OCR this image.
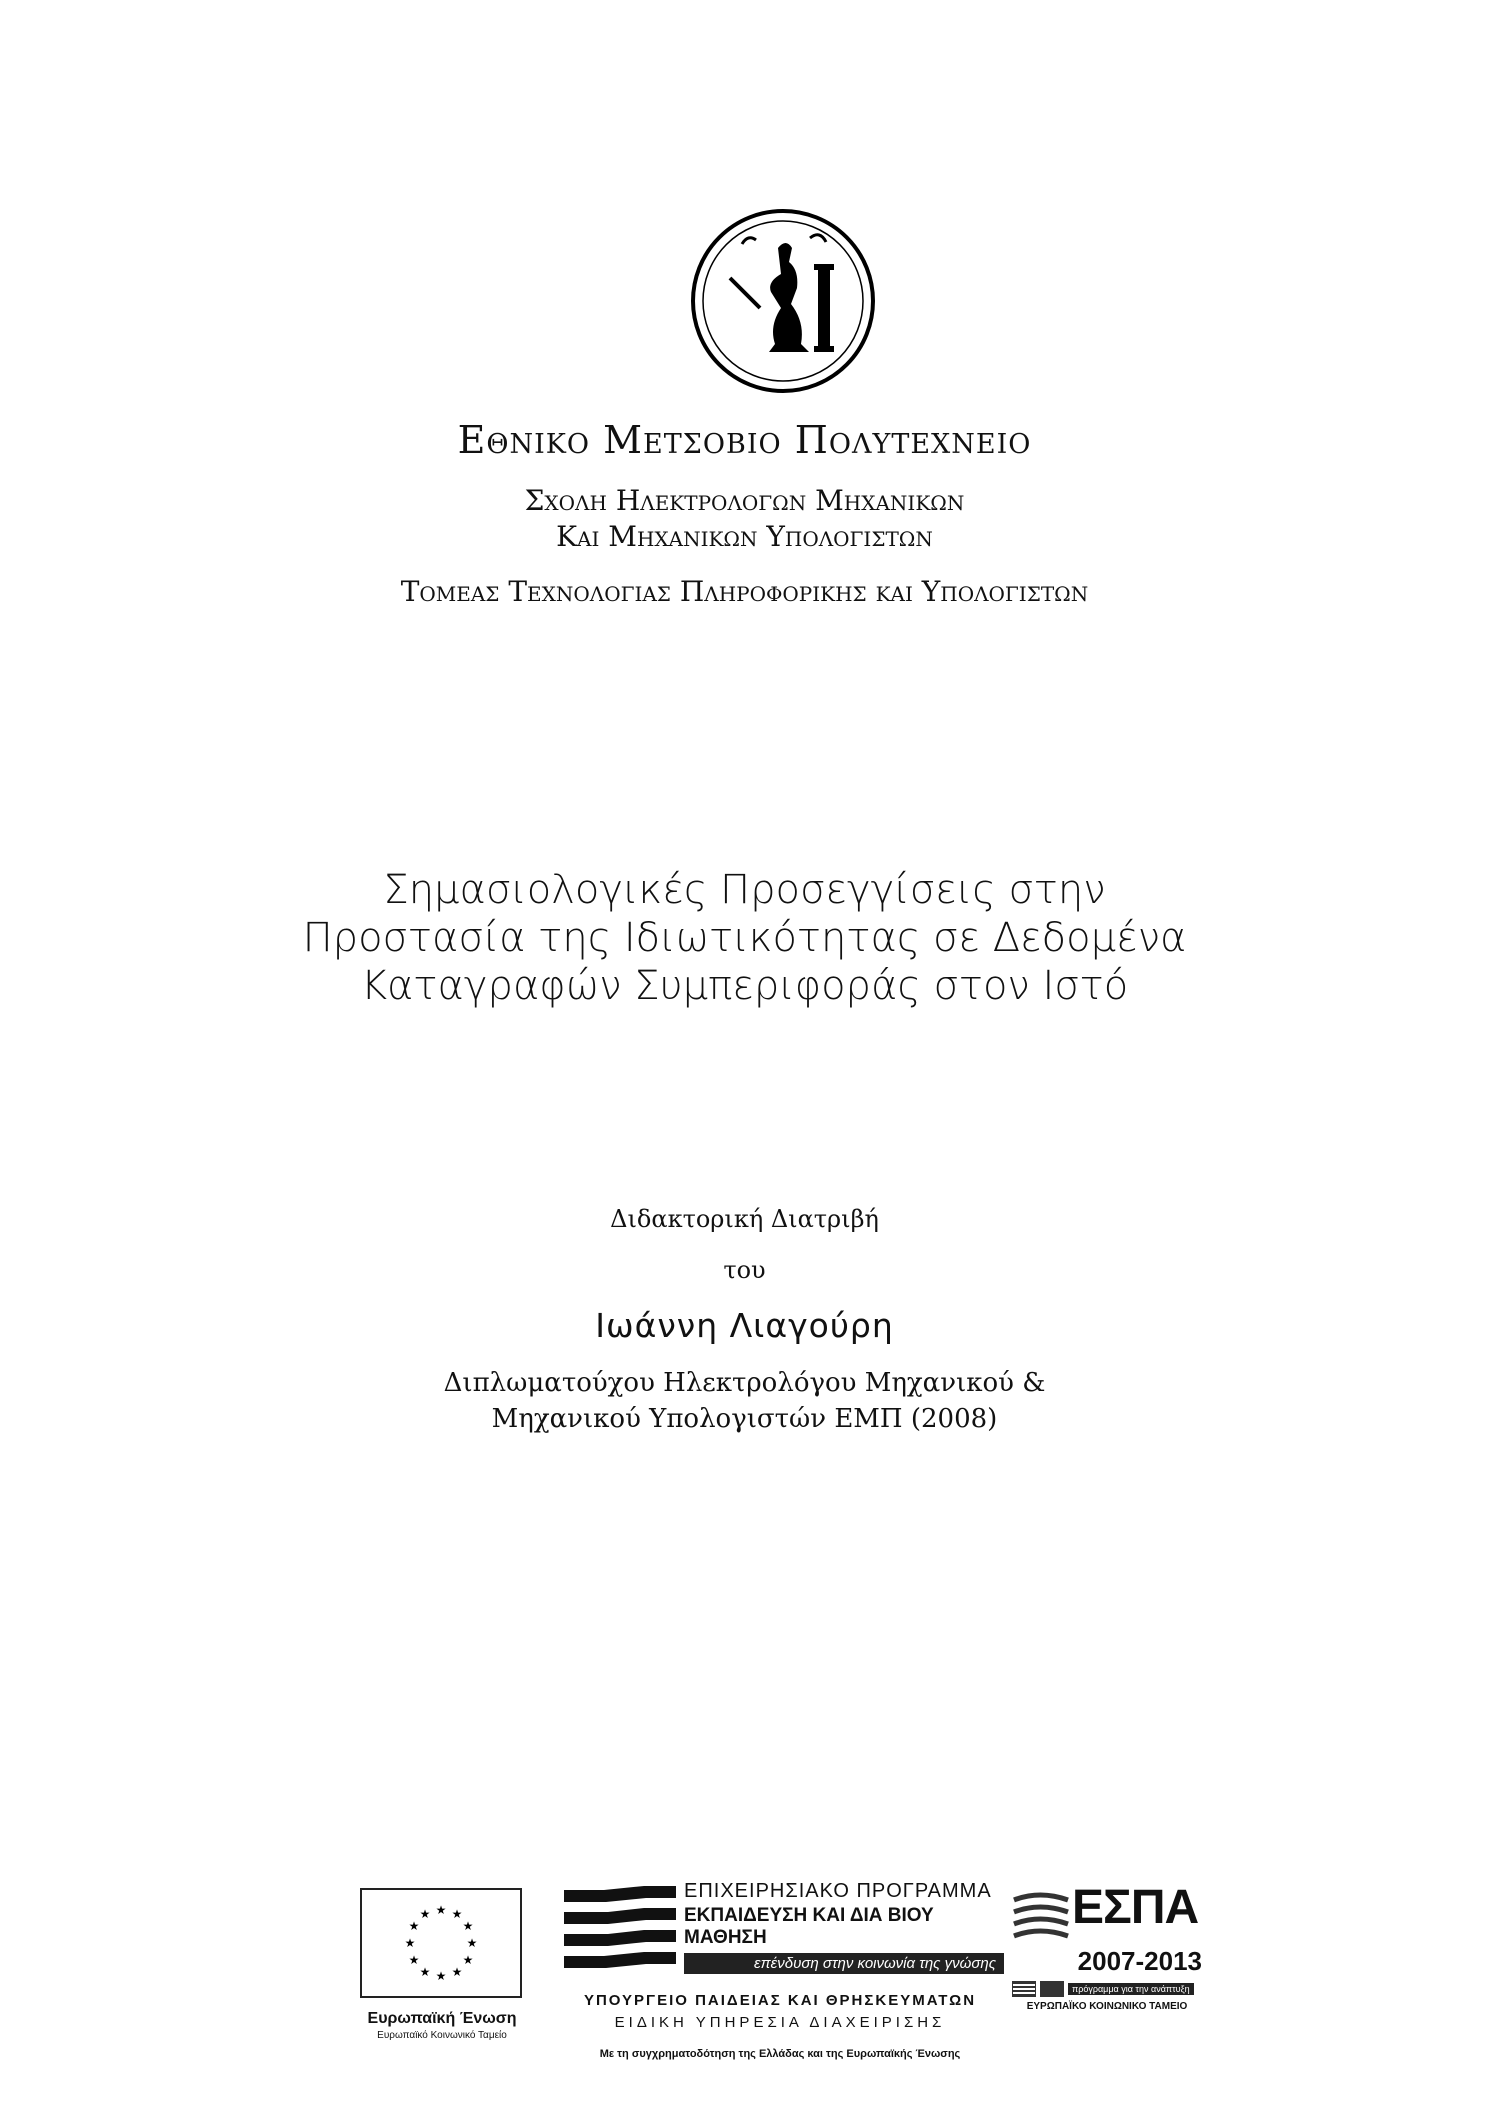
Εθνικο Μετσοβιο Πολυτεχνειο
Σχολη Ηλεκτρολογων Μηχανικων
Και Μηχανικων Υπολογιστων
Τομεας Τεχνολογιας Πληροφορικης και Υπολογιστων
Σημασιολογικές Προσεγγίσεις στην
Προστασία της Ιδιωτικότητας σε Δεδομένα
Καταγραφών Συμπεριφοράς στον Ιστό
Διδακτορική Διατριβή
του
Ιωάννη Λιαγούρη
Διπλωματούχου Ηλεκτρολόγου Μηχανικού &
Μηχανικού Υπολογιστών ΕΜΠ (2008)
★ ★
★
★
★
★
★
★
★
★
★
★
Ευρωπαϊκή Ένωση
Ευρωπαϊκό Κοινωνικό Ταμείο
ΕΠΙΧΕΙΡΗΣΙΑΚΟ ΠΡΟΓΡΑΜΜΑ
ΕΚΠΑΙΔΕΥΣΗ ΚΑΙ ΔΙΑ ΒΙΟΥ ΜΑΘΗΣΗ
επένδυση στην κοινωνία της γνώσης
ΥΠΟΥΡΓΕΙΟ ΠΑΙΔΕΙΑΣ ΚΑΙ ΘΡΗΣΚΕΥΜΑΤΩΝ
ΕΙΔΙΚΗ ΥΠΗΡΕΣΙΑ ΔΙΑΧΕΙΡΙΣΗΣ
Με τη συγχρηματοδότηση της Ελλάδας και της Ευρωπαϊκής Ένωσης
ΕΣΠΑ
2007-2013
πρόγραμμα για την ανάπτυξη
ΕΥΡΩΠΑΪΚΟ ΚΟΙΝΩΝΙΚΟ ΤΑΜΕΙΟ
